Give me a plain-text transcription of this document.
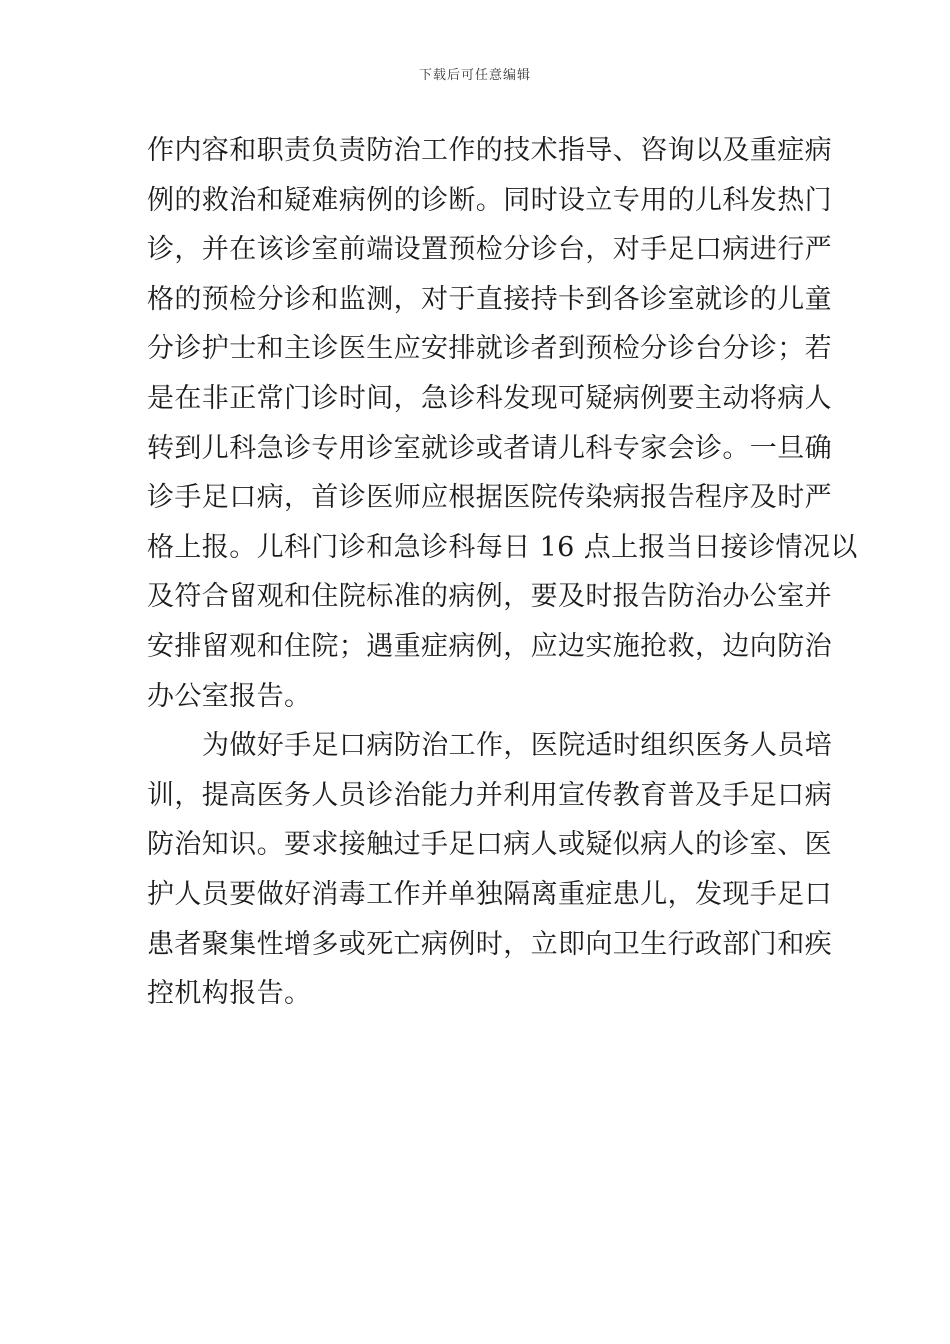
下载后可任意编辑
作内容和职责负责防治工作的技术指导、咨询以及重症病
例的救治和疑难病例的诊断。同时设立专用的儿科发热门
诊，并在该诊室前端设置预检分诊台，对手足口病进行严
格的预检分诊和监测，对于直接持卡到各诊室就诊的儿童
分诊护士和主诊医生应安排就诊者到预检分诊台分诊；若
是在非正常门诊时间，急诊科发现可疑病例要主动将病人
转到儿科急诊专用诊室就诊或者请儿科专家会诊。一旦确
诊手足口病，首诊医师应根据医院传染病报告程序及时严
格上报。儿科门诊和急诊科每日 16 点上报当日接诊情况以
及符合留观和住院标准的病例，要及时报告防治办公室并
安排留观和住院；遇重症病例，应边实施抢救，边向防治
办公室报告。
为做好手足口病防治工作，医院适时组织医务人员培
训，提高医务人员诊治能力并利用宣传教育普及手足口病
防治知识。要求接触过手足口病人或疑似病人的诊室、医
护人员要做好消毒工作并单独隔离重症患儿，发现手足口
患者聚集性增多或死亡病例时，立即向卫生行政部门和疾
控机构报告。
